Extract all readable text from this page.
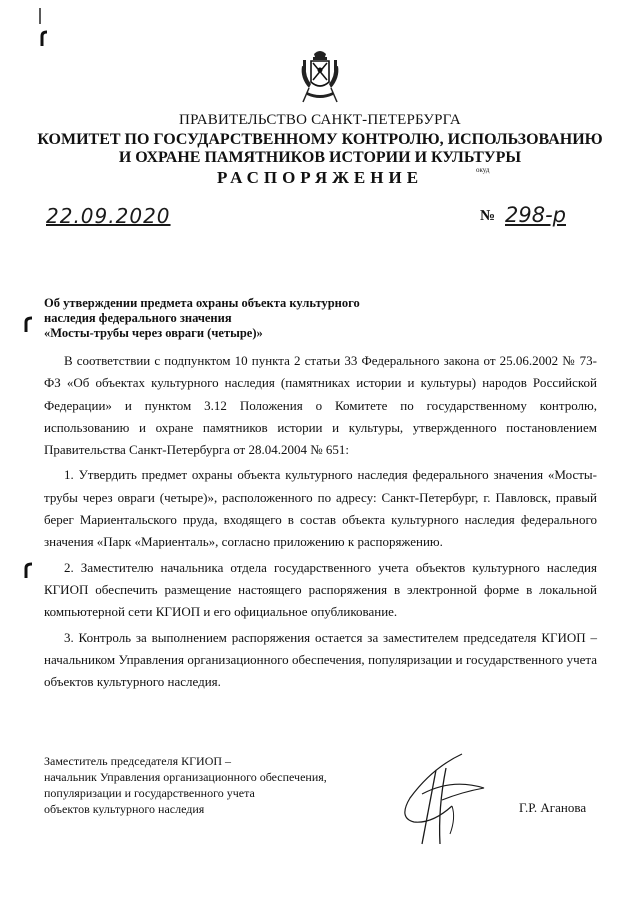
ПРАВИТЕЛЬСТВО САНКТ-ПЕТЕРБУРГА
КОМИТЕТ ПО ГОСУДАРСТВЕННОМУ КОНТРОЛЮ, ИСПОЛЬЗОВАНИЮ
И ОХРАНЕ ПАМЯТНИКОВ ИСТОРИИ И КУЛЬТУРЫ
РАСПОРЯЖЕНИЕ	окуд
22.09.2020	№ 298-р
Об утверждении предмета охраны объекта культурного
наследия федерального значения
«Мосты-трубы через овраги (четыре)»

В соответствии с подпунктом 10 пункта 2 статьи 33 Федерального закона от 25.06.2002 № 73-ФЗ «Об объектах культурного наследия (памятниках истории и культуры) народов Российской Федерации» и пунктом 3.12 Положения о Комитете по государственному контролю, использованию и охране памятников истории и культуры, утвержденного постановлением Правительства Санкт-Петербурга от 28.04.2004 № 651:

1. Утвердить предмет охраны объекта культурного наследия федерального значения «Мосты-трубы через овраги (четыре)», расположенного по адресу: Санкт-Петербург, г. Павловск, правый берег Мариентальского пруда, входящего в состав объекта культурного наследия федерального значения «Парк «Мариенталь», согласно приложению к распоряжению.

2. Заместителю начальника отдела государственного учета объектов культурного наследия КГИОП обеспечить размещение настоящего распоряжения в электронной форме в локальной компьютерной сети КГИОП и его официальное опубликование.

3. Контроль за выполнением распоряжения остается за заместителем председателя КГИОП – начальником Управления организационного обеспечения, популяризации и государственного учета объектов культурного наследия.

Заместитель председателя КГИОП –
начальник Управления организационного обеспечения,
популяризации и государственного учета
объектов культурного наследия	Г.Р. Аганова
